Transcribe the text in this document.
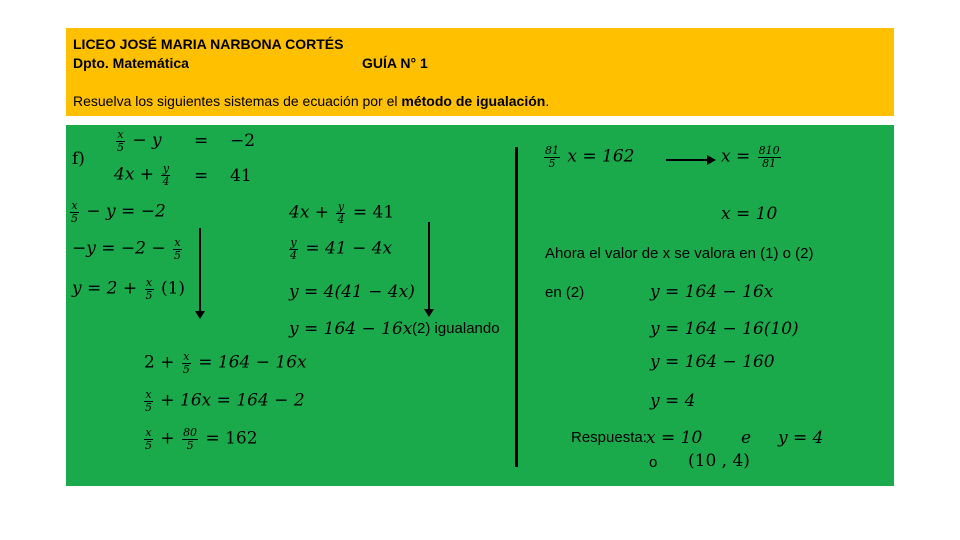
LICEO JOSÉ MARIA NARBONA CORTÉS
Dpto. Matemática	GUÍA N° 1
Resuelva los siguientes sistemas de ecuación por el método de igualación.
f)
$\frac{x}{5} - y = -2$
$4x + \frac{y}{4} = 41$
$\frac{x}{5} - y = -2$
$-y = -2 - \frac{x}{5}$
$y = 2 + \frac{x}{5} (1)$
$4x + \frac{y}{4} = 41$
$\frac{y}{4} = 41 - 4x$
y = 4(41 − 4x)
y = 164 − 16x (2) igualando
$2 + \frac{x}{5} = 164 - 16x$
$\frac{x}{5} + 16x = 164 - 2$
$\frac{x}{5} + \frac{80}{5} = 162$
$\frac{81}{5}$ x = 162	$x = \frac{810}{81}$
x = 10
Ahora el valor de x se valora en (1) o (2)
en (2)	y = 164 − 16x
y = 164 − 16(10)
y = 164 − 160
y = 4
Respuesta: x = 10 e y = 4
o (10 , 4)
